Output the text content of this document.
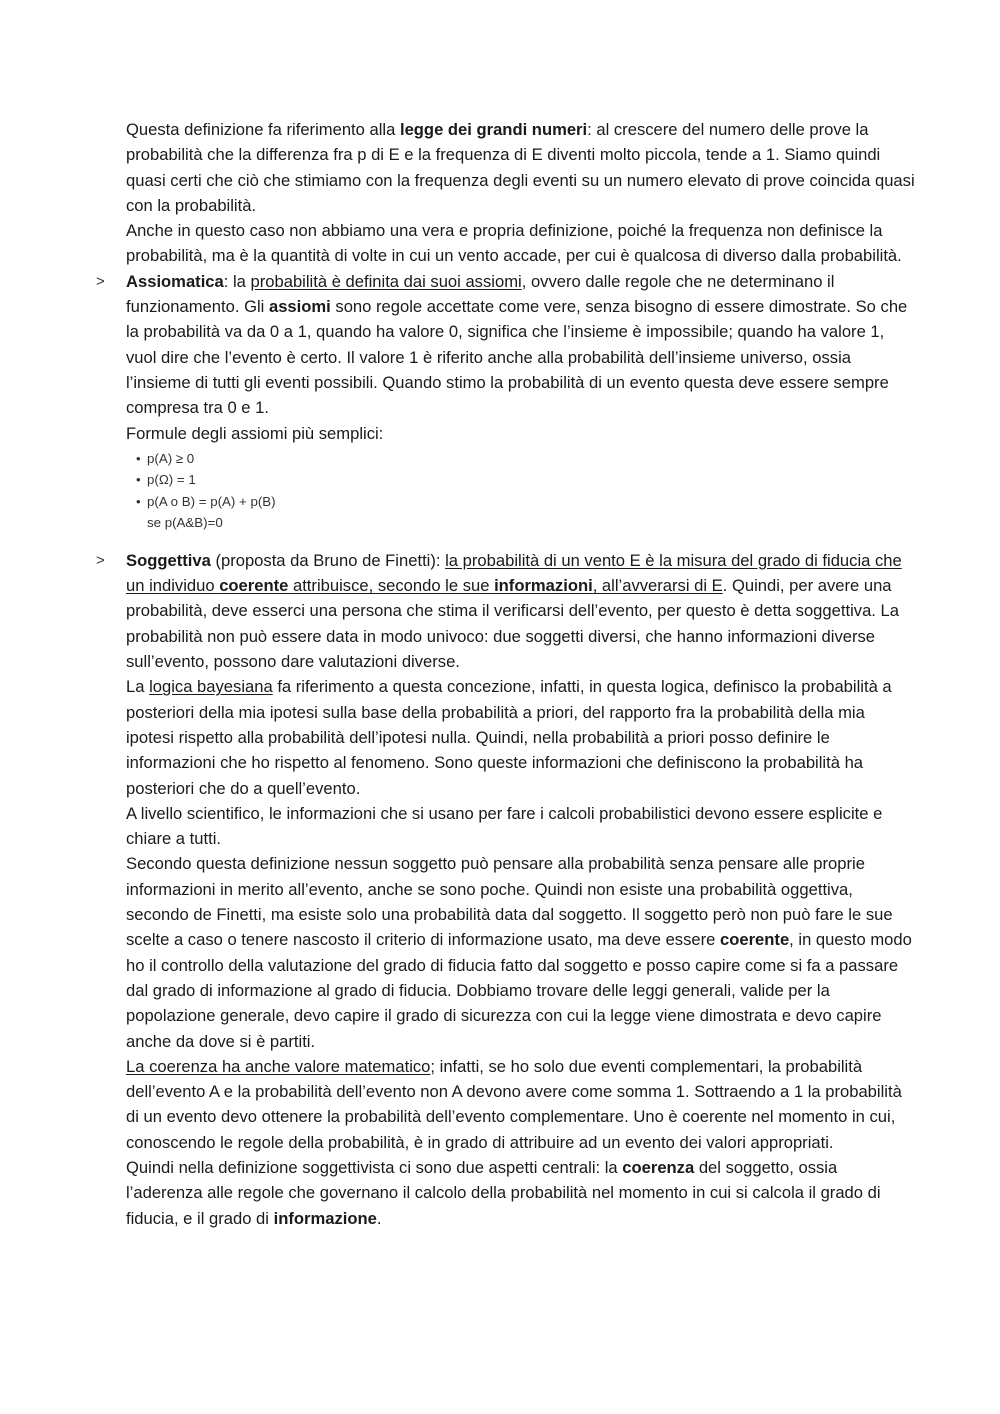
Questa definizione fa riferimento alla legge dei grandi numeri: al crescere del numero delle prove la probabilità che la differenza fra p di E e la frequenza di E diventi molto piccola, tende a 1. Siamo quindi quasi certi che ciò che stimiamo con la frequenza degli eventi su un numero elevato di prove coincida quasi con la probabilità.

Anche in questo caso non abbiamo una vera e propria definizione, poiché la frequenza non definisce la probabilità, ma è la quantità di volte in cui un vento accade, per cui è qualcosa di diverso dalla probabilità.

> Assiomatica: la probabilità è definita dai suoi assiomi, ovvero dalle regole che ne determinano il funzionamento. Gli assiomi sono regole accettate come vere, senza bisogno di essere dimostrate. So che la probabilità va da 0 a 1, quando ha valore 0, significa che l’insieme è impossibile; quando ha valore 1, vuol dire che l’evento è certo. Il valore 1 è riferito anche alla probabilità dell’insieme universo, ossia l’insieme di tutti gli eventi possibili. Quando stimo la probabilità di un evento questa deve essere sempre compresa tra 0 e 1.

Formule degli assiomi più semplici:

• p(A) ≥ 0
• p(Ω) = 1
• p(A o B) = p(A) + p(B)
se p(A&B)=0
> Soggettiva (proposta da Bruno de Finetti): la probabilità di un vento E è la misura del grado di fiducia che un individuo coerente attribuisce, secondo le sue informazioni, all’avverarsi di E. Quindi, per avere una probabilità, deve esserci una persona che stima il verificarsi dell’evento, per questo è detta soggettiva. La probabilità non può essere data in modo univoco: due soggetti diversi, che hanno informazioni diverse sull’evento, possono dare valutazioni diverse.

La logica bayesiana fa riferimento a questa concezione, infatti, in questa logica, definisco la probabilità a posteriori della mia ipotesi sulla base della probabilità a priori, del rapporto fra la probabilità della mia ipotesi rispetto alla probabilità dell’ipotesi nulla. Quindi, nella probabilità a priori posso definire le informazioni che ho rispetto al fenomeno. Sono queste informazioni che definiscono la probabilità ha posteriori che do a quell’evento.

A livello scientifico, le informazioni che si usano per fare i calcoli probabilistici devono essere esplicite e chiare a tutti.

Secondo questa definizione nessun soggetto può pensare alla probabilità senza pensare alle proprie informazioni in merito all’evento, anche se sono poche. Quindi non esiste una probabilità oggettiva, secondo de Finetti, ma esiste solo una probabilità data dal soggetto. Il soggetto però non può fare le sue scelte a caso o tenere nascosto il criterio di informazione usato, ma deve essere coerente, in questo modo ho il controllo della valutazione del grado di fiducia fatto dal soggetto e posso capire come si fa a passare dal grado di informazione al grado di fiducia. Dobbiamo trovare delle leggi generali, valide per la popolazione generale, devo capire il grado di sicurezza con cui la legge viene dimostrata e devo capire anche da dove si è partiti.

La coerenza ha anche valore matematico; infatti, se ho solo due eventi complementari, la probabilità dell’evento A e la probabilità dell’evento non A devono avere come somma 1. Sottraendo a 1 la probabilità di un evento devo ottenere la probabilità dell’evento complementare. Uno è coerente nel momento in cui, conoscendo le regole della probabilità, è in grado di attribuire ad un evento dei valori appropriati.

Quindi nella definizione soggettivista ci sono due aspetti centrali: la coerenza del soggetto, ossia l’aderenza alle regole che governano il calcolo della probabilità nel momento in cui si calcola il grado di fiducia, e il grado di informazione.
